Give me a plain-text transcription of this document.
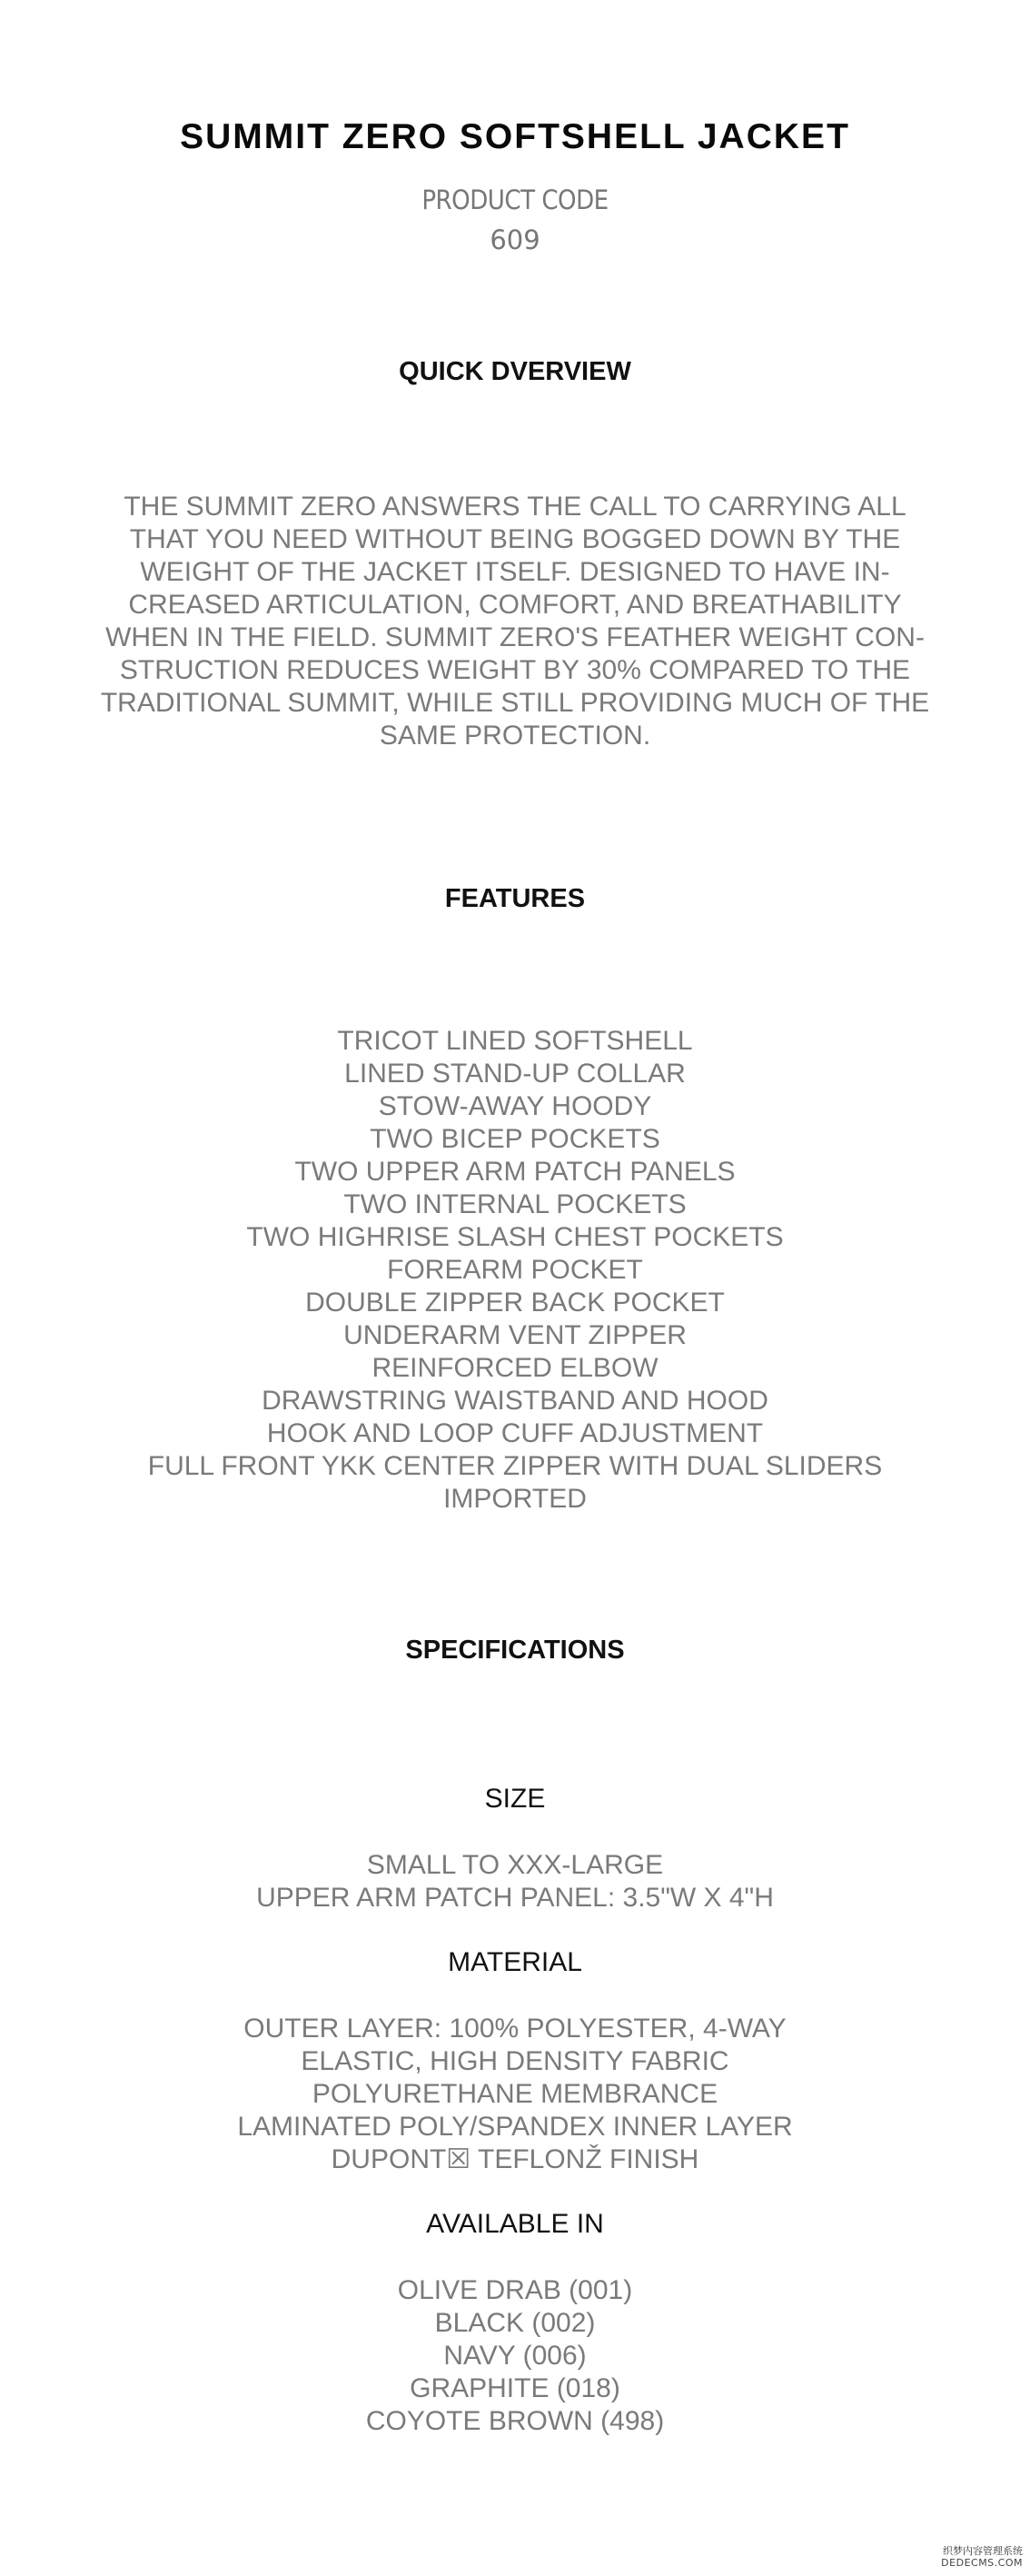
SUMMIT ZERO SOFTSHELL JACKET
PRODUCT CODE
609
QUICK DVERVIEW
THE SUMMIT ZERO ANSWERS THE CALL TO CARRYING ALL THAT YOU NEED WITHOUT BEING BOGGED DOWN BY THE WEIGHT OF THE JACKET ITSELF. DESIGNED TO HAVE IN-CREASED ARTICULATION, COMFORT, AND BREATHABILITY WHEN IN THE FIELD. SUMMIT ZERO'S FEATHER WEIGHT CON-STRUCTION REDUCES WEIGHT BY 30% COMPARED TO THE TRADITIONAL SUMMIT, WHILE STILL PROVIDING MUCH OF THE SAME PROTECTION.
FEATURES
TRICOT LINED SOFTSHELL
LINED STAND-UP COLLAR
STOW-AWAY HOODY
TWO BICEP POCKETS
TWO UPPER ARM PATCH PANELS
TWO INTERNAL POCKETS
TWO HIGHRISE SLASH CHEST POCKETS
FOREARM POCKET
DOUBLE ZIPPER BACK POCKET
UNDERARM VENT ZIPPER
REINFORCED ELBOW
DRAWSTRING WAISTBAND AND HOOD
HOOK AND LOOP CUFF ADJUSTMENT
FULL FRONT YKK CENTER ZIPPER WITH DUAL SLIDERS
IMPORTED
SPECIFICATIONS
SIZE
SMALL TO XXX-LARGE
UPPER ARM PATCH PANEL: 3.5"W X 4"H
MATERIAL
OUTER LAYER: 100% POLYESTER, 4-WAY
ELASTIC, HIGH DENSITY FABRIC
POLYURETHANE MEMBRANCE
LAMINATED POLY/SPANDEX INNER LAYER
DUPONT☒ TEFLONŽ FINISH
AVAILABLE IN
OLIVE DRAB (001)
BLACK (002)
NAVY (006)
GRAPHITE (018)
COYOTE BROWN (498)
织梦内容管理系统
DEDECMS.COM
